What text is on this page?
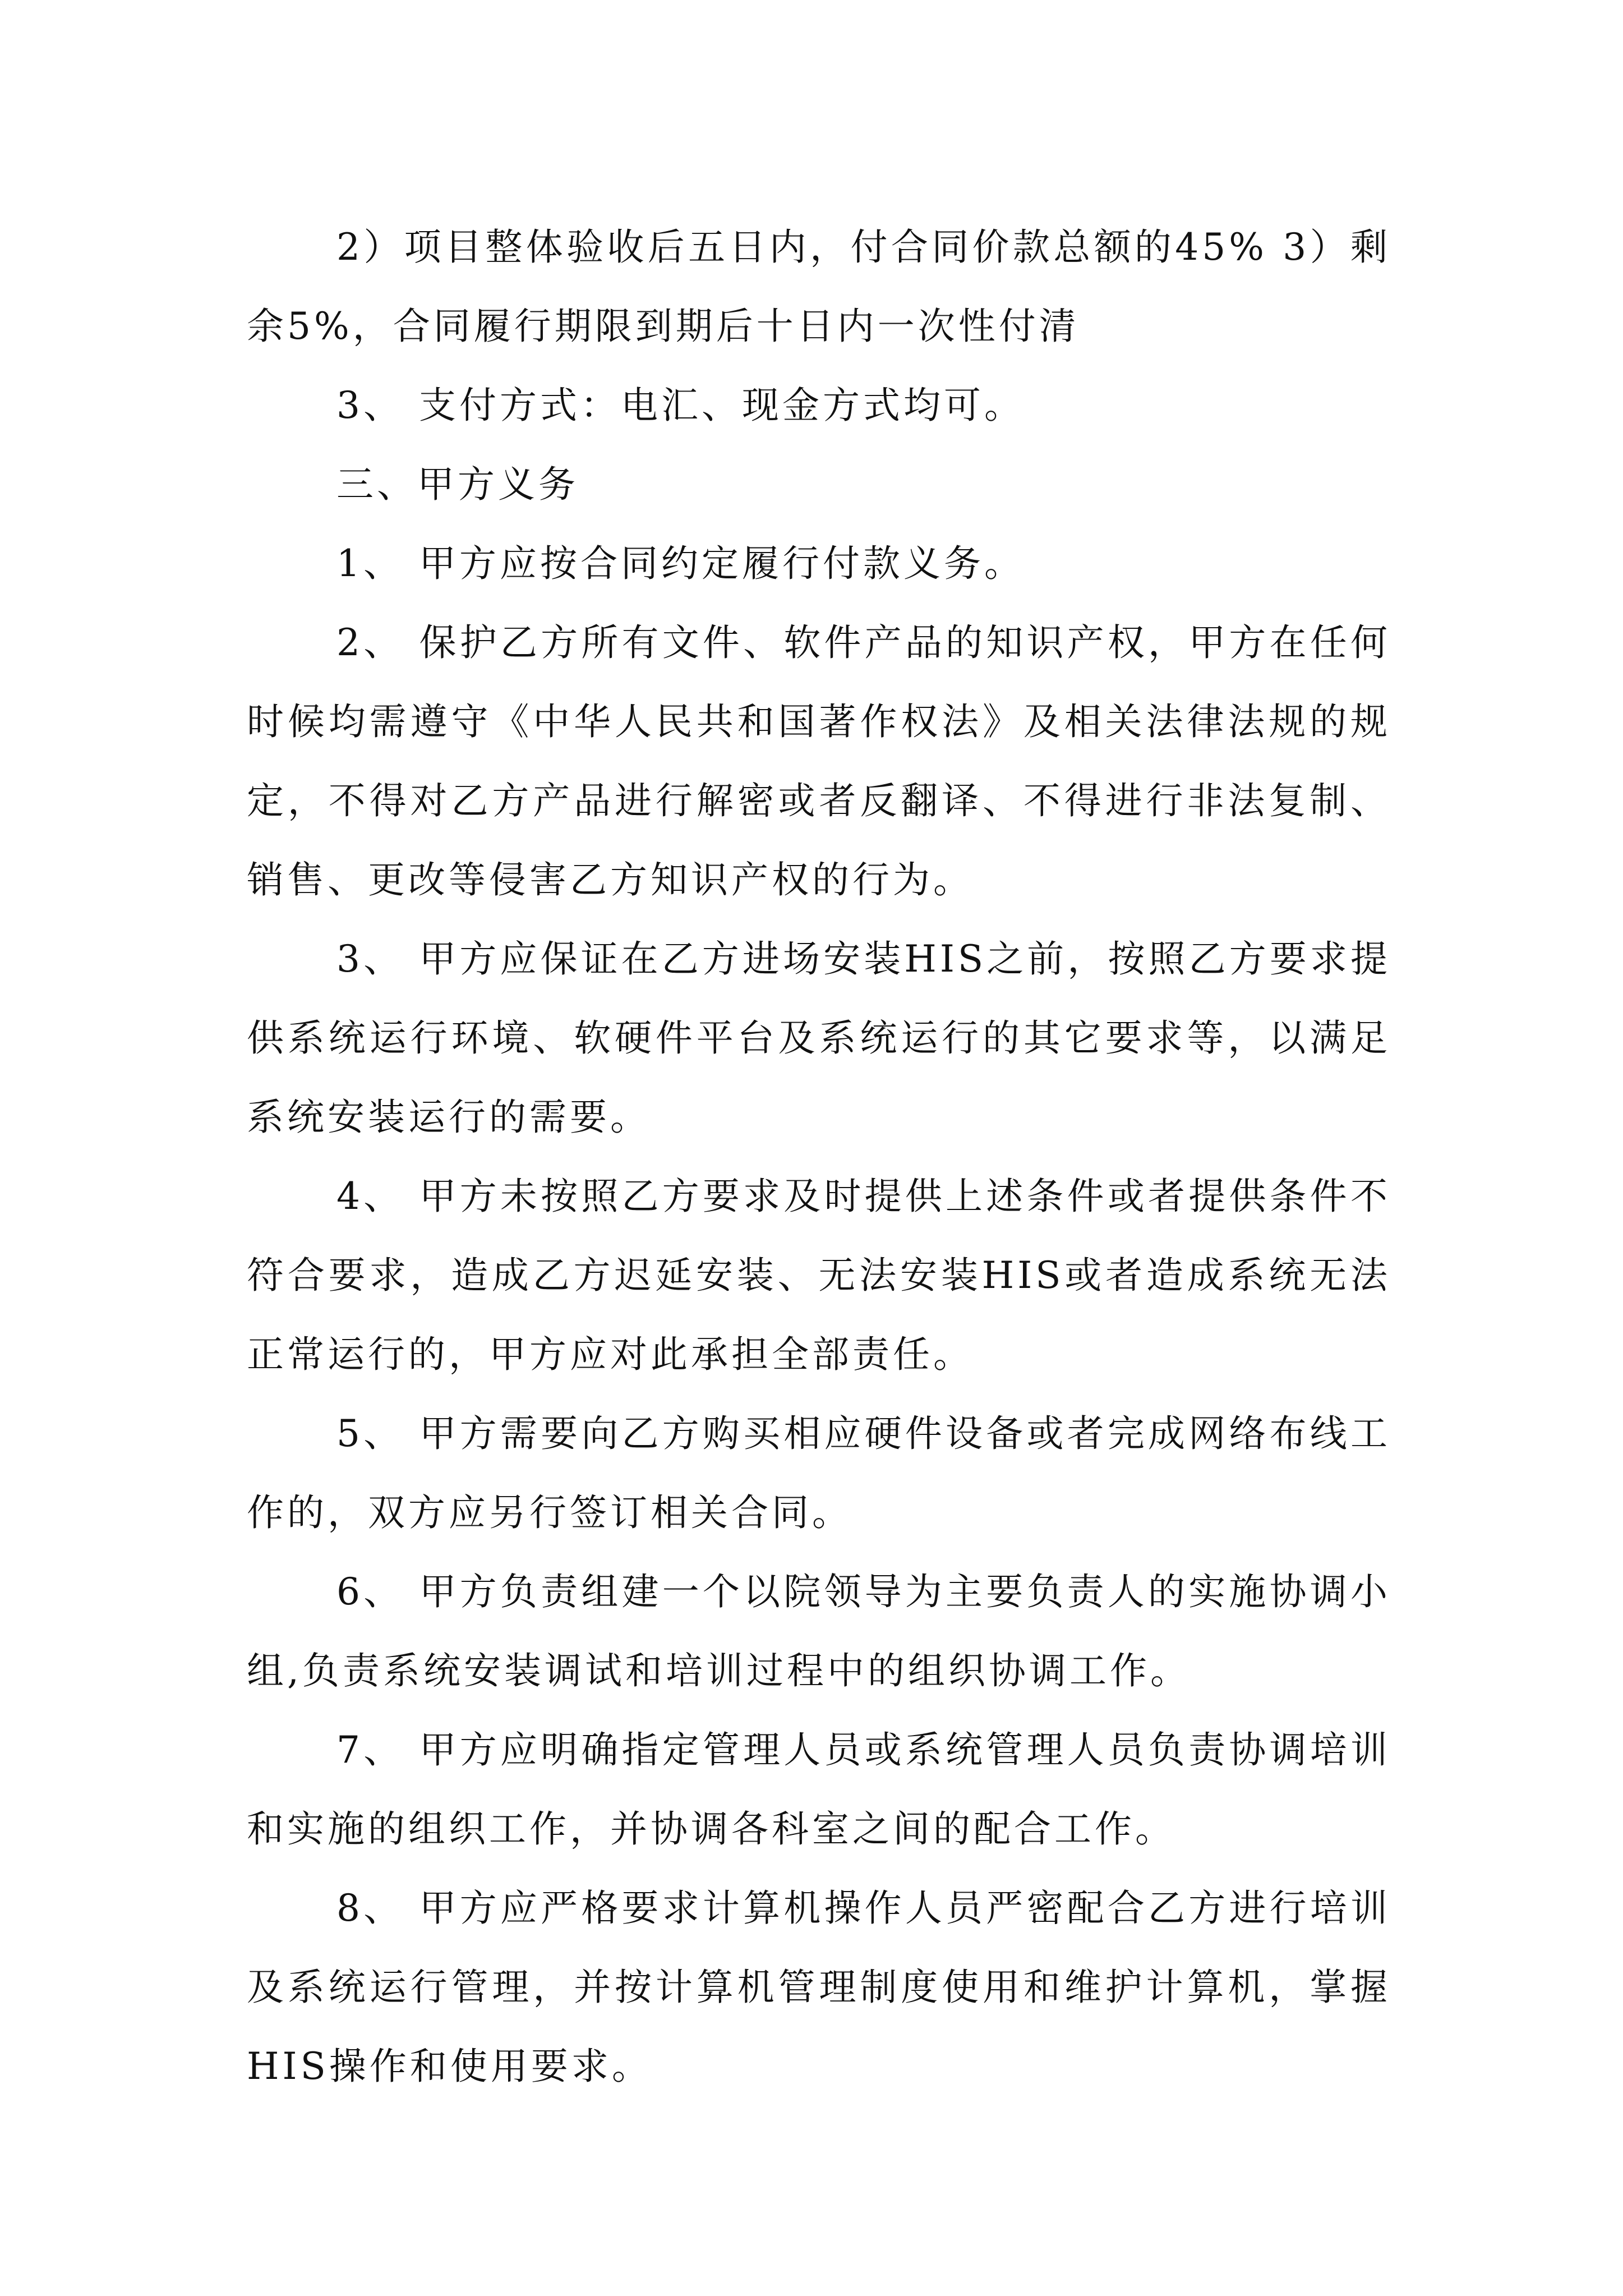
2）项目整体验收后五日内，付合同价款总额的45% 3）剩余5%，合同履行期限到期后十日内一次性付清

3、 支付方式：电汇、现金方式均可。

三、甲方义务

1、 甲方应按合同约定履行付款义务。

2、 保护乙方所有文件、软件产品的知识产权，甲方在任何时候均需遵守《中华人民共和国著作权法》及相关法律法规的规定，不得对乙方产品进行解密或者反翻译、不得进行非法复制、销售、更改等侵害乙方知识产权的行为。

3、 甲方应保证在乙方进场安装HIS之前，按照乙方要求提供系统运行环境、软硬件平台及系统运行的其它要求等，以满足系统安装运行的需要。

4、 甲方未按照乙方要求及时提供上述条件或者提供条件不符合要求，造成乙方迟延安装、无法安装HIS或者造成系统无法正常运行的，甲方应对此承担全部责任。

5、 甲方需要向乙方购买相应硬件设备或者完成网络布线工作的，双方应另行签订相关合同。

6、 甲方负责组建一个以院领导为主要负责人的实施协调小组,负责系统安装调试和培训过程中的组织协调工作。

7、 甲方应明确指定管理人员或系统管理人员负责协调培训和实施的组织工作，并协调各科室之间的配合工作。

8、 甲方应严格要求计算机操作人员严密配合乙方进行培训及系统运行管理，并按计算机管理制度使用和维护计算机，掌握HIS操作和使用要求。
